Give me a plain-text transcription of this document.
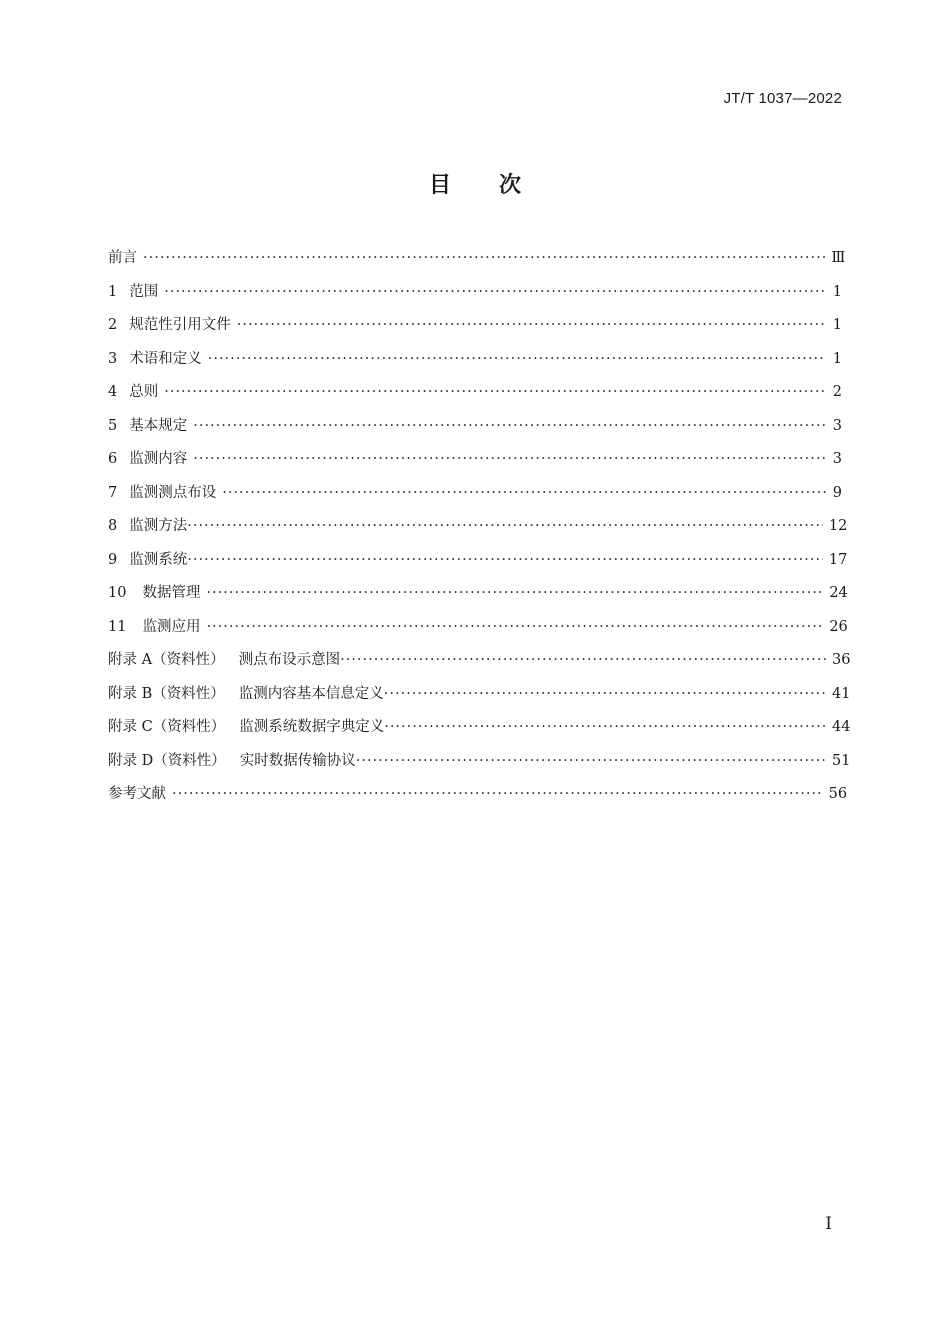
JT/T 1037—2022
目次
前言 ·····	Ⅲ
1 范围 ·····	1
2 规范性引用文件 ·····	1
3 术语和定义 ·····	1
4 总则 ·····	2
5 基本规定 ·····	3
6 监测内容 ·····	3
7 监测测点布设 ·····	9
8 监测方法 ·····	12
9 监测系统 ·····	17
10 数据管理 ·····	24
11 监测应用 ·····	26
附录 A （资料性） 测点布设示意图 ·····	36
附录 B （资料性） 监测内容基本信息定义 ·····	41
附录 C （资料性） 监测系统数据字典定义 ·····	44
附录 D （资料性） 实时数据传输协议 ·····	51
参考文献 ·····	56
I
